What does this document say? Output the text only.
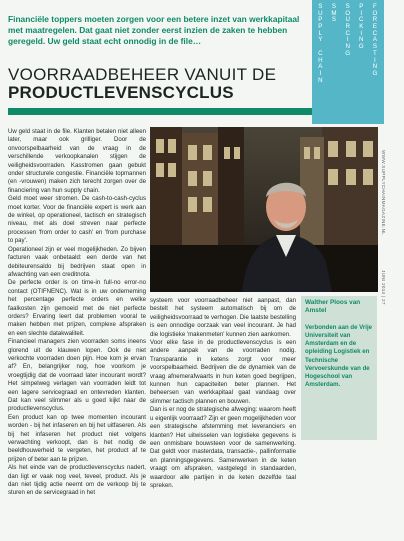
Financiële toppers moeten zorgen voor een betere inzet van werkkapitaal met maatregelen. Dat gaat niet zonder eerst inzien de zaken te hebben geregeld. Uw geld staat echt onnodig in de file…
VOORRAADBEHEER VANUIT DE
PRODUCTLEVENSCYCLUS
S
U
P
P
L
Y

C
H
A
I
N
S
M
S
S
O
U
R
C
I
N
G
P
I
C
K
I
N
G
F
O
R
E
C
A
S
T
I
N
G
WWW.SUPPLYCHAINMAGAZINE.NL
JUNI 2014 | 27

Uw geld staat in de file. Klanten betalen niet alleen later, maar ook grilliger. Door de onvoorspelbaarheid van de vraag in de verschillende verkoopkanalen stijgen de veiligheidsvoorraden. Kasstromen gaan gebukt onder structurele congestie. Financiële topmannen (en -vrouwen) maken zich terecht zorgen over de financiering van hun supply chain.

Geld moet weer stromen. De cash-to-cash-cyclus moet korter. Voor de financiële expert is werk aan de winkel, op operationeel, tactisch en strategisch niveau, met als doel streven naar perfecte processen 'from order to cash' en 'from purchase to pay'.

Operationeel zijn er veel mogelijkheden. Zo bijven facturen vaak onbetaald: een derde van het debiteurensaldo bij bedrijven staat open in afwachting van een creditnota.

De perfecte order is on time-in full-no error-no contact (OTIFNENC). Wat is in uw onderneming het percentage perfecte orders en welke faalkosten zijn gemoeid met de niet perfecte orders? Ervaring leert dat problemen vooral te maken hebben met prijzen, complexe afspraken en een slechte datakwaliteit.

Financieel managers zien voorraden soms ineens glorend uit de klauwen lopen. Ook de niet verkochte voorraden doen pijn. Hoe kom je ervan af? En, belangrijker nog, hoe voorkom je vroegtijdig dat de voorraad later incourant wordt? Het simpelweg verlagen van voorraden leidt tot een lagere servicegraad en ontevreden klanten. Dat kan veel slimmer als u goed kijkt naar de productlevenscyclus.

Een product kan op twee momenten incourant worden - bij het infaseren en bij het uitfaseren. Als bij het infaseren het product niet volgens verwachting verkoopt, dan is het nodig de beeldhouwerheid te vergeten, het product af te prijzen of beter aan te prijzen.

Als het einde van de productlevenscyclus nadert, dan ligt er vaak nog veel, teveel, product. Als je dan niet tijdig actie neemt om de verkoop bij te sturen en de servicegraad in het

systeem voor voorraadbeheer niet aanpast, dan bestelt het systeem automatisch bij om de veiligheidsvoorraad te verhogen. Die laatste bestelling is een onnodige oorzaak van veel incourant. Je had die logistieke 'makenmeten' kunnen zien aankomen.

Voor elke fase in de productlevenscyclus is een andere aanpak van de voorraden nodig. Transparantie in ketens zorgt voor meer voorspelbaarheid. Bedrijven die de dynamiek van de vraag afnemerafwaarts in hun keten goed begrijpen, kunnen hun capaciteiten beter plannen. Het beheersen van werkkapitaal gaat vandaag over slimmer tactisch plannen en bouwen.

Dan is er nog de strategische afweging: waarom heeft u eigenlijk voorraad? Zijn er geen mogelijkheden voor een strategische afstemming met leveranciers en klanten? Het uitwisselen van logistieke gegevens is een onmisbare bouwsteen voor de samenwerking. Dat geldt voor masterdata, transactie-, pallinformatie en planningsgegevens. Samenwerken in de keten vraagt om afspraken, vastgelegd in standaarden, waardoor alle partijen in de keten dezelfde taal spreken.

Walther Ploos van Amstel
Verbonden aan de Vrije Universiteit van Amsterdam en de opleiding Logistiek en Technische Vervoerskunde van de Hogeschool van Amsterdam.
